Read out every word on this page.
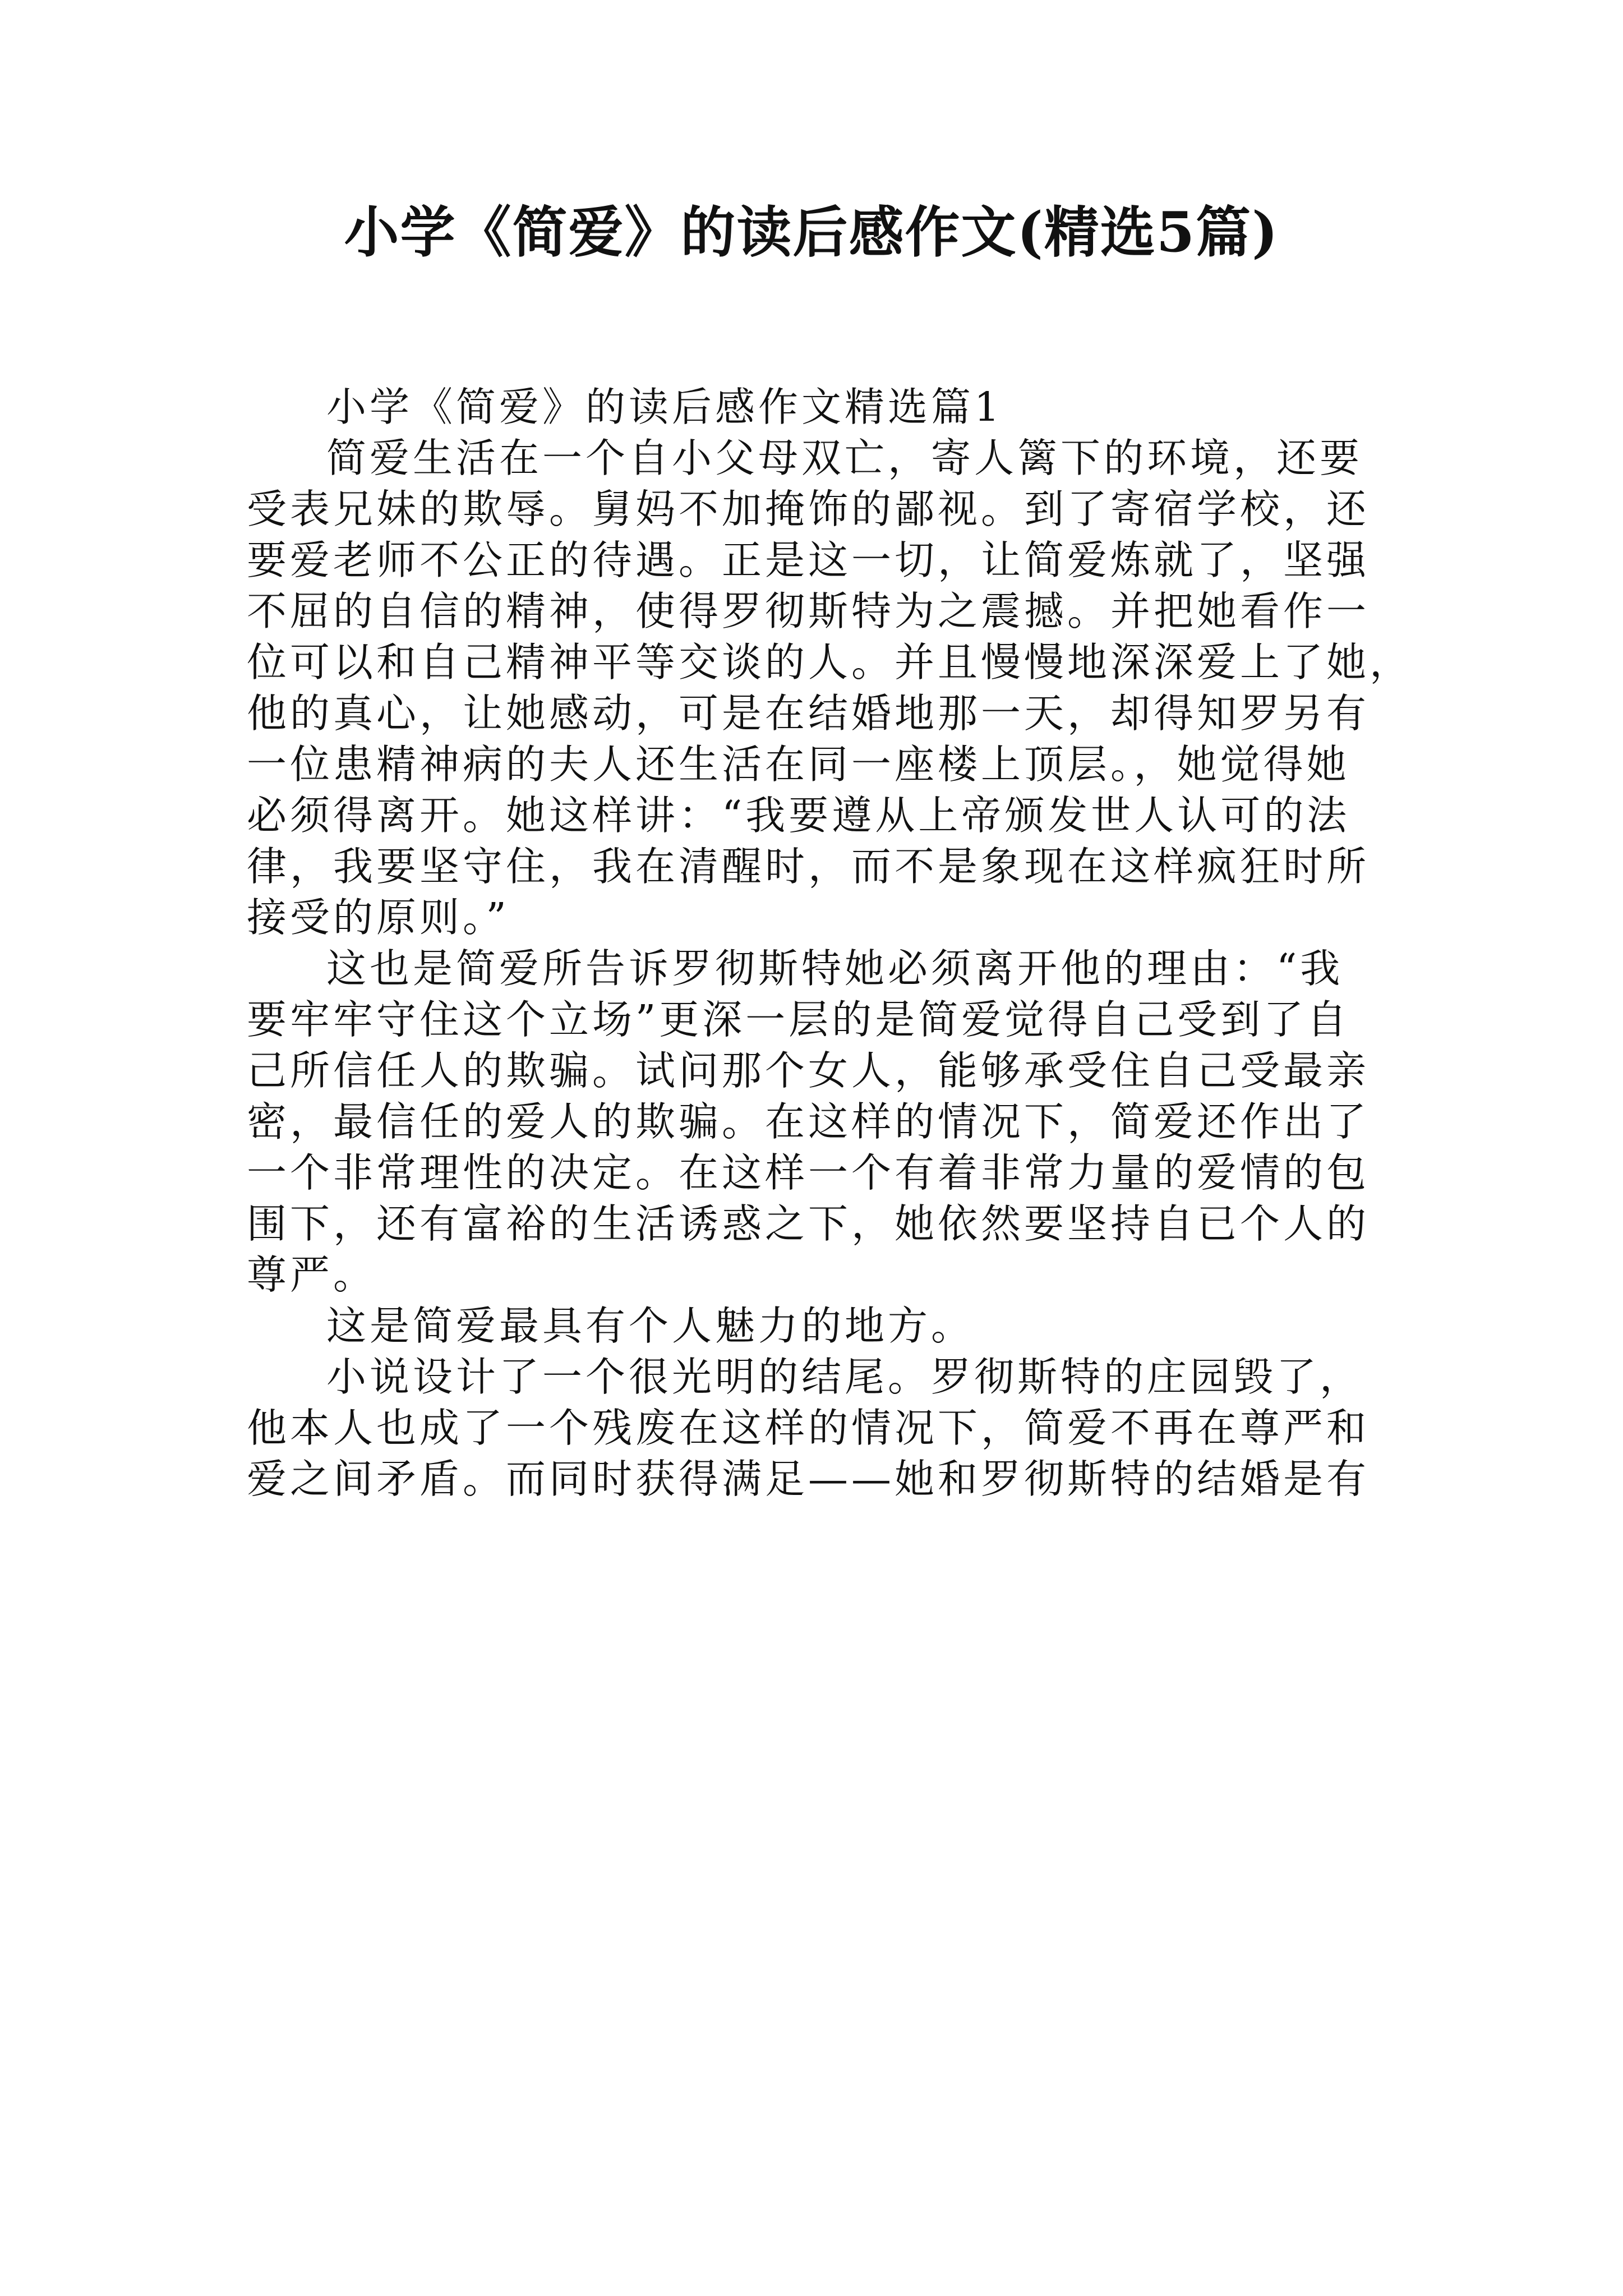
小学《简爱》的读后感作文(精选5篇)
小学《简爱》的读后感作文精选篇1
简爱生活在一个自小父母双亡，寄人篱下的环境，还要
受表兄妹的欺辱。舅妈不加掩饰的鄙视。到了寄宿学校，还
要爱老师不公正的待遇。正是这一切，让简爱炼就了，坚强
不屈的自信的精神，使得罗彻斯特为之震撼。并把她看作一
位可以和自己精神平等交谈的人。并且慢慢地深深爱上了她，
他的真心，让她感动，可是在结婚地那一天，却得知罗另有
一位患精神病的夫人还生活在同一座楼上顶层。，她觉得她
必须得离开。她这样讲：“我要遵从上帝颁发世人认可的法
律，我要坚守住，我在清醒时，而不是象现在这样疯狂时所
接受的原则。”
这也是简爱所告诉罗彻斯特她必须离开他的理由：“我
要牢牢守住这个立场”更深一层的是简爱觉得自己受到了自
己所信任人的欺骗。试问那个女人，能够承受住自己受最亲
密，最信任的爱人的欺骗。在这样的情况下，简爱还作出了
一个非常理性的决定。在这样一个有着非常力量的爱情的包
围下，还有富裕的生活诱惑之下，她依然要坚持自已个人的
尊严。
这是简爱最具有个人魅力的地方。
小说设计了一个很光明的结尾。罗彻斯特的庄园毁了，
他本人也成了一个残废在这样的情况下，简爱不再在尊严和
爱之间矛盾。而同时获得满足——她和罗彻斯特的结婚是有
